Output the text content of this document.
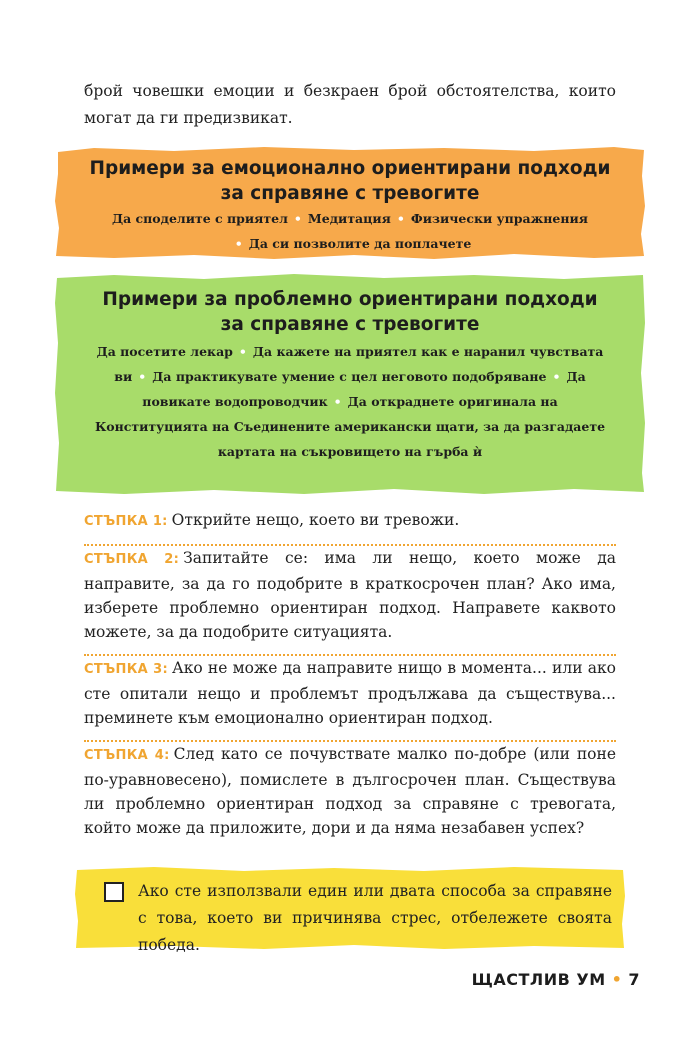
брой човешки емоции и безкраен брой обстоятелства, които могат да ги предизвикат.
Примери за емоционално ориентирани подходи
за справяне с тревогите
Да споделите с приятел • Медитация • Физически упражнения
• Да си позволите да поплачете
Примери за проблемно ориентирани подходи
за справяне с тревогите
Да посетите лекар • Да кажете на приятел как е наранил чувствата ви • Да практикувате умение с цел неговото подобряване • Да повикате водопроводчик • Да откраднете оригинала на Конституцията на Съединените американски щати, за да разгадаете картата на съкровището на гърба ѝ
СТЪПКА 1: Открийте нещо, което ви тревожи.
СТЪПКА 2: Запитайте се: има ли нещо, което може да направите, за да го подобрите в краткосрочен план? Ако има, изберете проблемно ориентиран подход. Направете каквото можете, за да подобрите ситуацията.
СТЪПКА 3: Ако не може да направите нищо в момента... или ако сте опитали нещо и проблемът продължава да съществува... преминете към емоционално ориентиран подход.
СТЪПКА 4: След като се почувствате малко по-добре (или поне по-уравновесено), помислете в дългосрочен план. Съществува ли проблемно ориентиран подход за справяне с тревогата, който може да приложите, дори и да няма незабавен успех?
Ако сте използвали един или двата способа за справяне с това, което ви причинява стрес, отбележете своята победа.
ЩАСТЛИВ УМ • 7
